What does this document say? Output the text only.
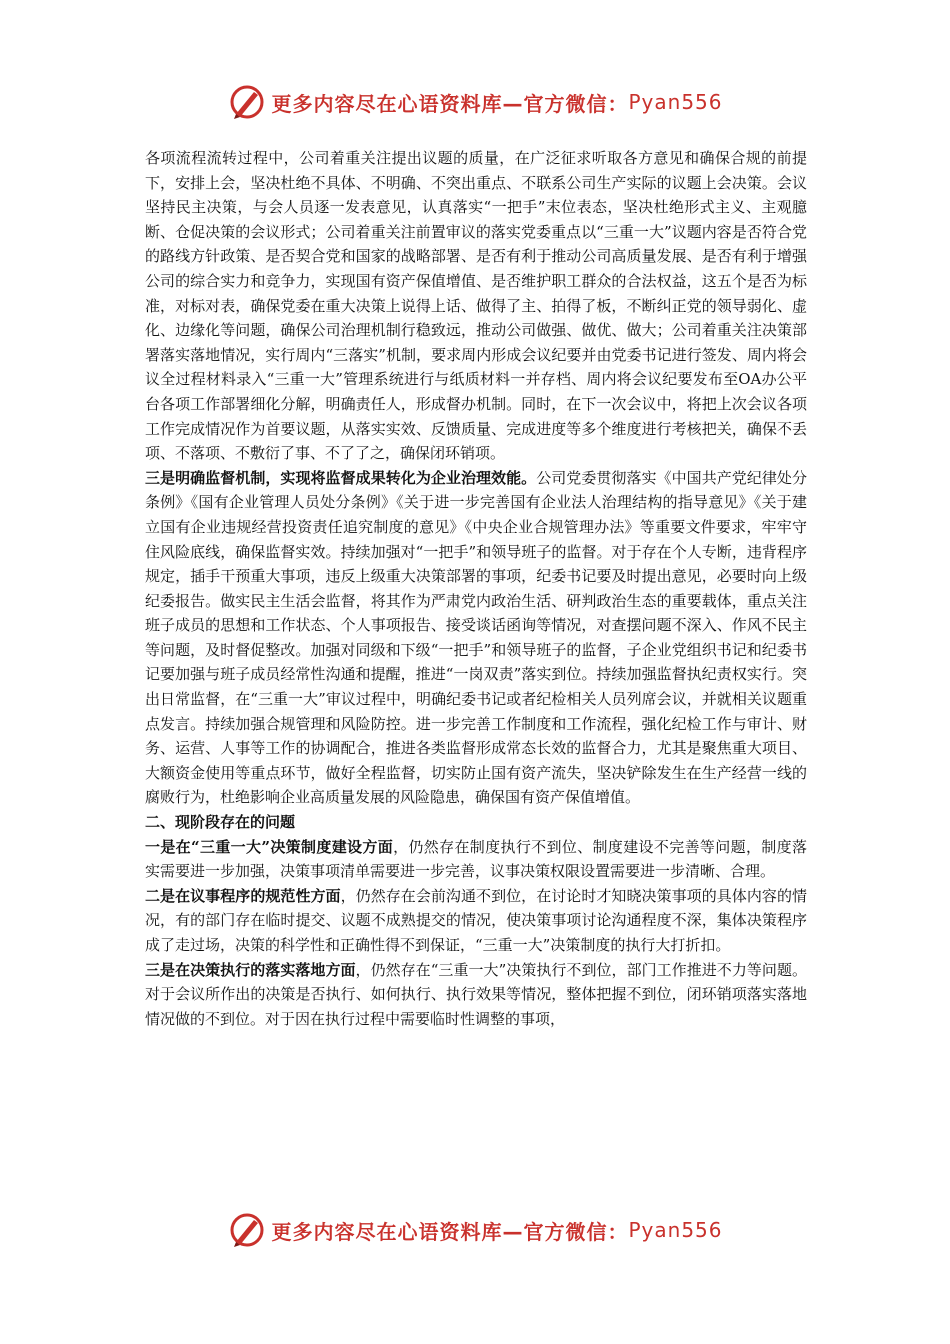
更多内容尽在心语资料库—官方微信： Pyan556

各项流程流转过程中，公司着重关注提出议题的质量，在广泛征求听取各方意见和确保合规的前提下，安排上会，坚决杜绝不具体、不明确、不突出重点、不联系公司生产实际的议题上会决策。会议坚持民主决策，与会人员逐一发表意见，认真落实“一把手”末位表态，坚决杜绝形式主义、主观臆断、仓促决策的会议形式；公司着重关注前置审议的落实党委重点以“三重一大”议题内容是否符合党的路线方针政策、是否契合党和国家的战略部署、是否有利于推动公司高质量发展、是否有利于增强公司的综合实力和竞争力，实现国有资产保值增值、是否维护职工群众的合法权益，这五个是否为标准，对标对表，确保党委在重大决策上说得上话、做得了主、拍得了板，不断纠正党的领导弱化、虚化、边缘化等问题，确保公司治理机制行稳致远，推动公司做强、做优、做大；公司着重关注决策部署落实落地情况，实行周内“三落实”机制，要求周内形成会议纪要并由党委书记进行签发、周内将会议全过程材料录入“三重一大”管理系统进行与纸质材料一并存档、周内将会议纪要发布至OA办公平台各项工作部署细化分解，明确责任人，形成督办机制。同时，在下一次会议中，将把上次会议各项工作完成情况作为首要议题，从落实实效、反馈质量、完成进度等多个维度进行考核把关，确保不丢项、不落项、不敷衍了事、不了了之，确保闭环销项。

三是明确监督机制，实现将监督成果转化为企业治理效能。公司党委贯彻落实《中国共产党纪律处分条例》《国有企业管理人员处分条例》《关于进一步完善国有企业法人治理结构的指导意见》《关于建立国有企业违规经营投资责任追究制度的意见》《中央企业合规管理办法》等重要文件要求，牢牢守住风险底线，确保监督实效。持续加强对“一把手”和领导班子的监督。对于存在个人专断，违背程序规定，插手干预重大事项，违反上级重大决策部署的事项，纪委书记要及时提出意见，必要时向上级纪委报告。做实民主生活会监督，将其作为严肃党内政治生活、研判政治生态的重要载体，重点关注班子成员的思想和工作状态、个人事项报告、接受谈话函询等情况，对查摆问题不深入、作风不民主等问题，及时督促整改。加强对同级和下级“一把手”和领导班子的监督，子企业党组织书记和纪委书记要加强与班子成员经常性沟通和提醒，推进“一岗双责”落实到位。持续加强监督执纪责权实行。突出日常监督，在“三重一大”审议过程中，明确纪委书记或者纪检相关人员列席会议，并就相关议题重点发言。持续加强合规管理和风险防控。进一步完善工作制度和工作流程，强化纪检工作与审计、财务、运营、人事等工作的协调配合，推进各类监督形成常态长效的监督合力，尤其是聚焦重大项目、大额资金使用等重点环节，做好全程监督，切实防止国有资产流失，坚决铲除发生在生产经营一线的腐败行为，杜绝影响企业高质量发展的风险隐患，确保国有资产保值增值。

二、现阶段存在的问题

一是在“三重一大”决策制度建设方面，仍然存在制度执行不到位、制度建设不完善等问题，制度落实需要进一步加强，决策事项清单需要进一步完善，议事决策权限设置需要进一步清晰、合理。

二是在议事程序的规范性方面，仍然存在会前沟通不到位，在讨论时才知晓决策事项的具体内容的情况，有的部门存在临时提交、议题不成熟提交的情况，使决策事项讨论沟通程度不深，集体决策程序成了走过场，决策的科学性和正确性得不到保证，“三重一大”决策制度的执行大打折扣。

三是在决策执行的落实落地方面，仍然存在“三重一大”决策执行不到位，部门工作推进不力等问题。对于会议所作出的决策是否执行、如何执行、执行效果等情况，整体把握不到位，闭环销项落实落地情况做的不到位。对于因在执行过程中需要临时性调整的事项，

更多内容尽在心语资料库—官方微信： Pyan556
